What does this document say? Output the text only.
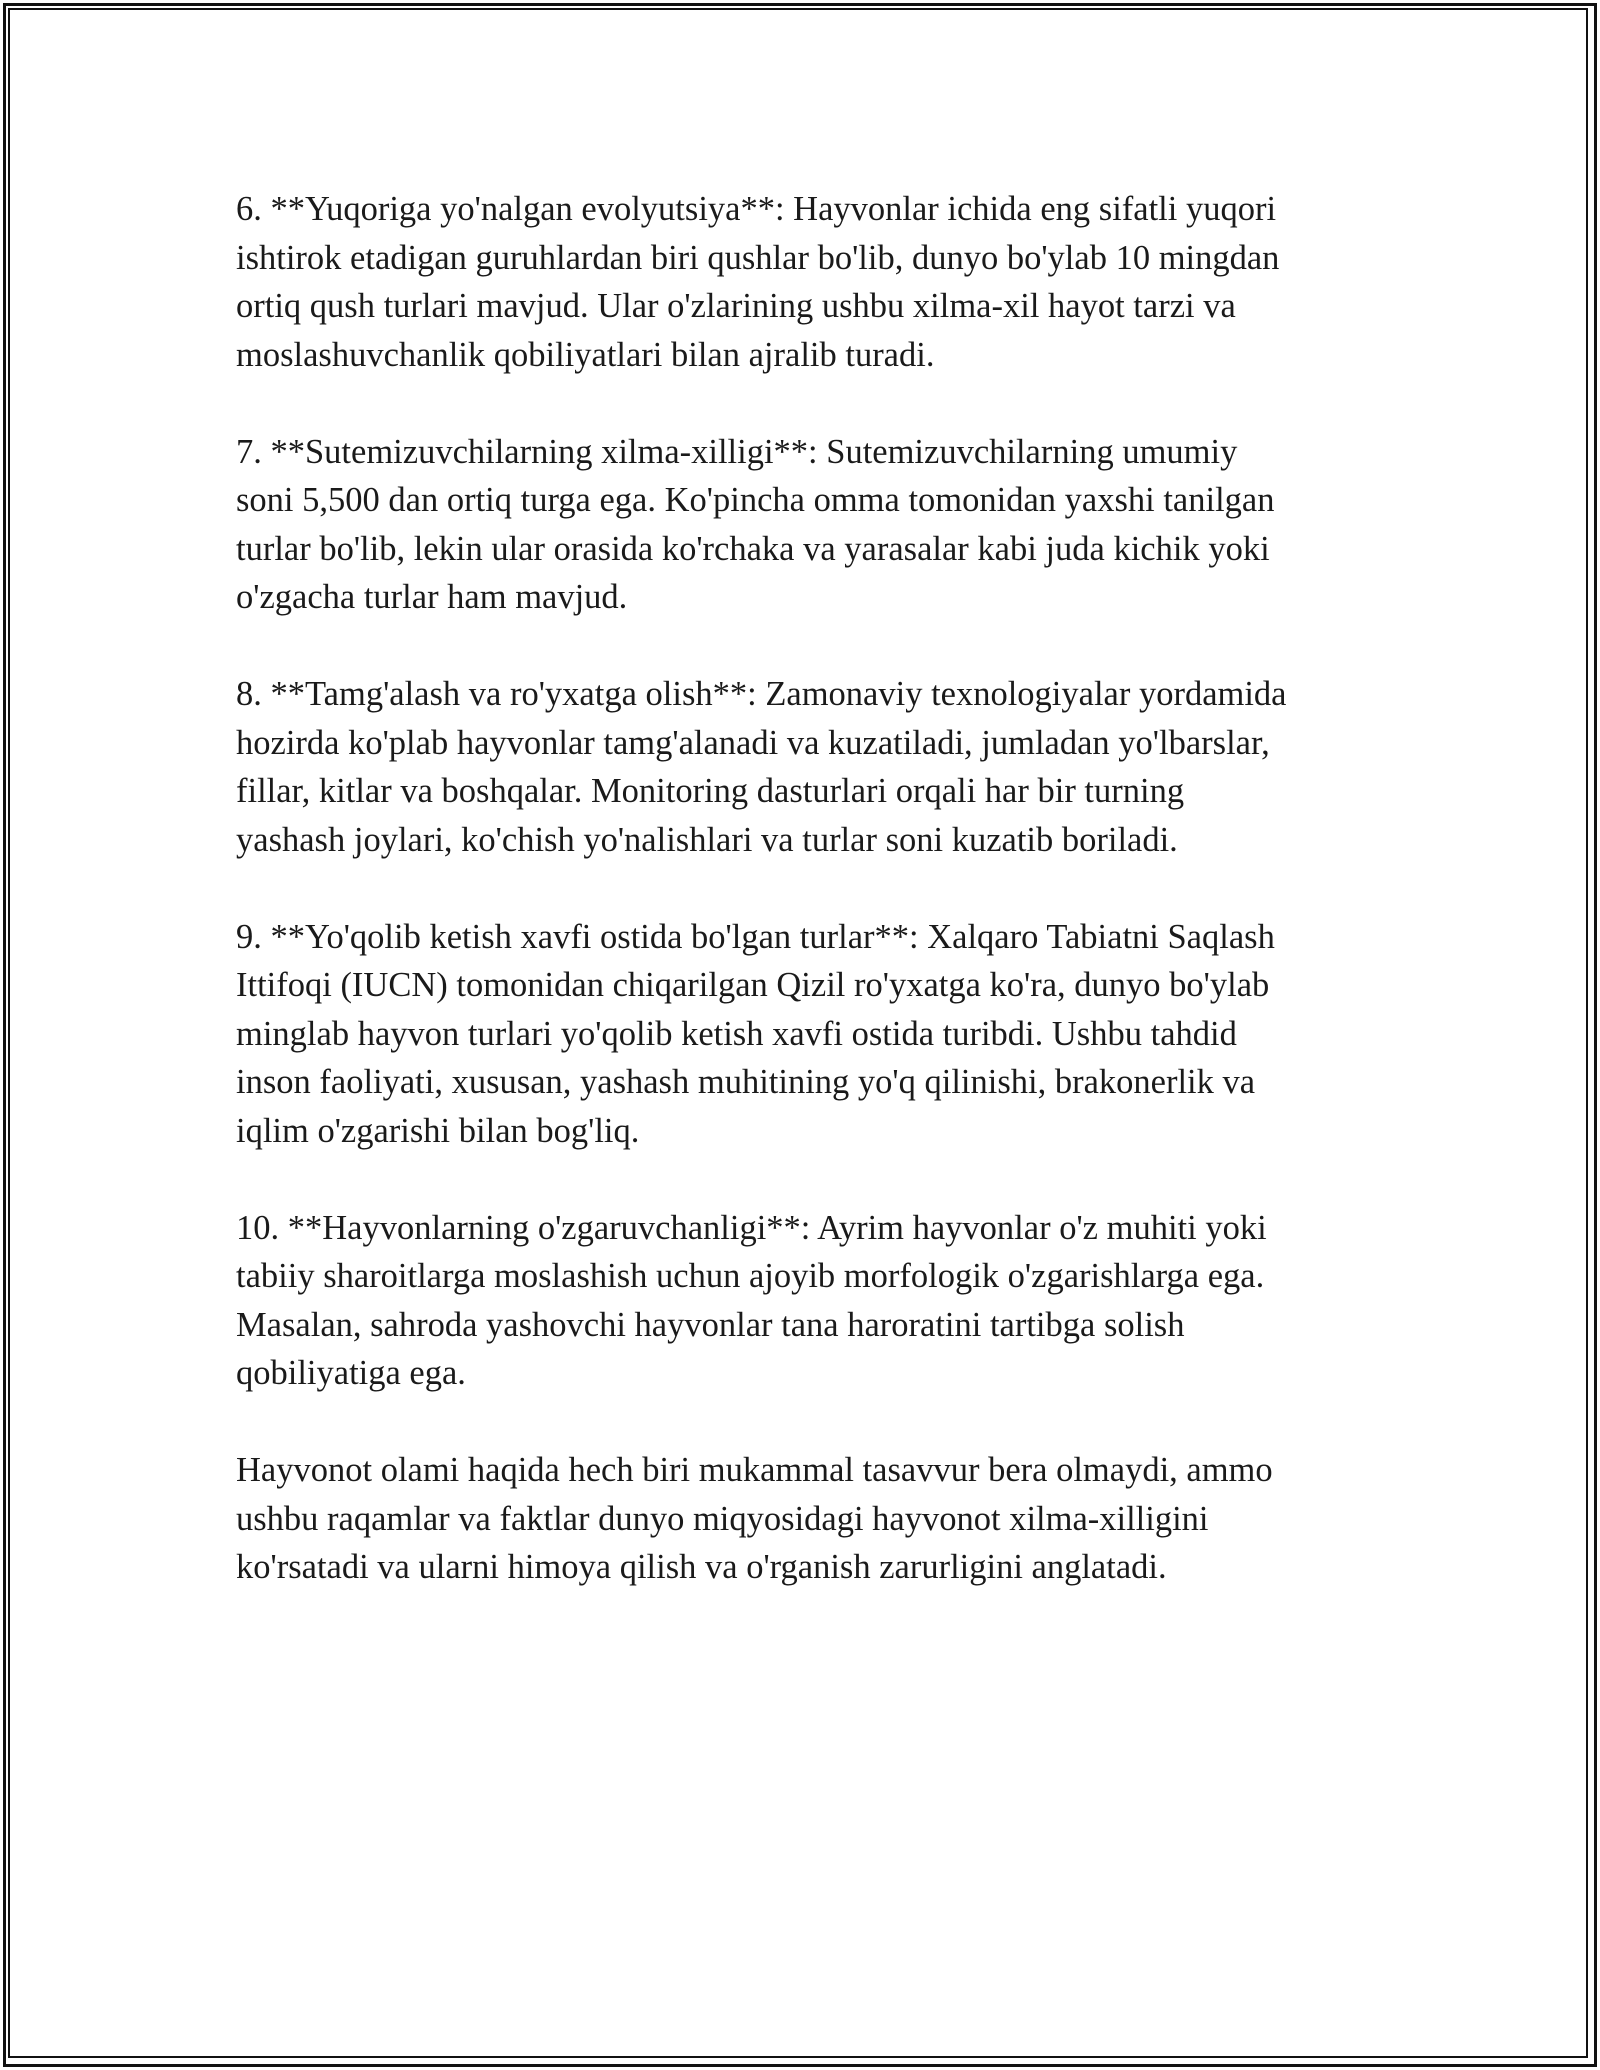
6. **Yuqoriga yo'nalgan evolyutsiya**: Hayvonlar ichida eng sifatli yuqori
ishtirok etadigan guruhlardan biri qushlar bo'lib, dunyo bo'ylab 10 mingdan
ortiq qush turlari mavjud. Ular o'zlarining ushbu xilma-xil hayot tarzi va
moslashuvchanlik qobiliyatlari bilan ajralib turadi.

7. **Sutemizuvchilarning xilma-xilligi**: Sutemizuvchilarning umumiy
soni 5,500 dan ortiq turga ega. Ko'pincha omma tomonidan yaxshi tanilgan
turlar bo'lib, lekin ular orasida ko'rchaka va yarasalar kabi juda kichik yoki
o'zgacha turlar ham mavjud.

8. **Tamg'alash va ro'yxatga olish**: Zamonaviy texnologiyalar yordamida
hozirda ko'plab hayvonlar tamg'alanadi va kuzatiladi, jumladan yo'lbarslar,
fillar, kitlar va boshqalar. Monitoring dasturlari orqali har bir turning
yashash joylari, ko'chish yo'nalishlari va turlar soni kuzatib boriladi.

9. **Yo'qolib ketish xavfi ostida bo'lgan turlar**: Xalqaro Tabiatni Saqlash
Ittifoqi (IUCN) tomonidan chiqarilgan Qizil ro'yxatga ko'ra, dunyo bo'ylab
minglab hayvon turlari yo'qolib ketish xavfi ostida turibdi. Ushbu tahdid
inson faoliyati, xususan, yashash muhitining yo'q qilinishi, brakonerlik va
iqlim o'zgarishi bilan bog'liq.

10. **Hayvonlarning o'zgaruvchanligi**: Ayrim hayvonlar o'z muhiti yoki
tabiiy sharoitlarga moslashish uchun ajoyib morfologik o'zgarishlarga ega.
Masalan, sahroda yashovchi hayvonlar tana haroratini tartibga solish
qobiliyatiga ega.

Hayvonot olami haqida hech biri mukammal tasavvur bera olmaydi, ammo
ushbu raqamlar va faktlar dunyo miqyosidagi hayvonot xilma-xilligini
ko'rsatadi va ularni himoya qilish va o'rganish zarurligini anglatadi.
